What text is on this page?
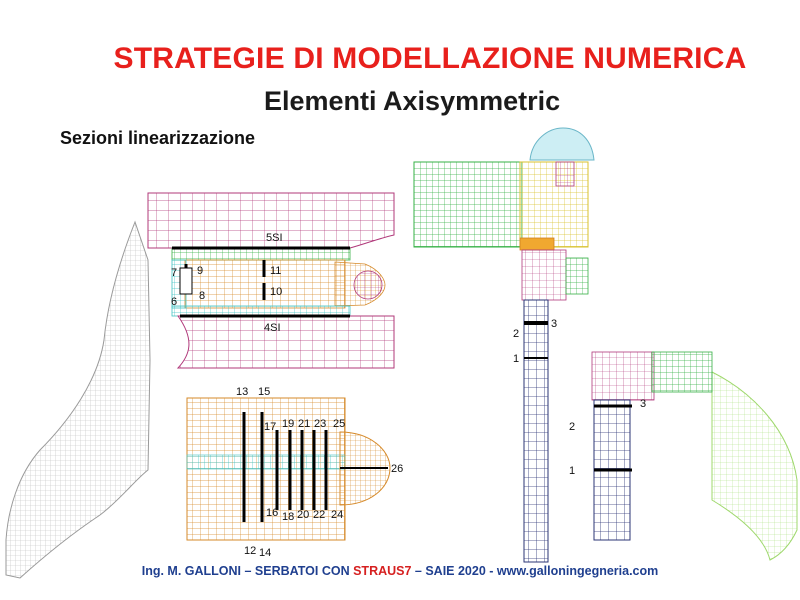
STRATEGIE DI MODELLAZIONE NUMERICA
Elementi Axisymmetric
Sezioni linearizzazione
5SI
4SI
7 9	11
6 8	10
13 15
17 19 21 23 25
26
16 18 20 22 24
12 14
2
3
1
3
2
1
Ing. M. GALLONI – SERBATOI CON STRAUS7 – SAIE 2020 - www.galloningegneria.com
